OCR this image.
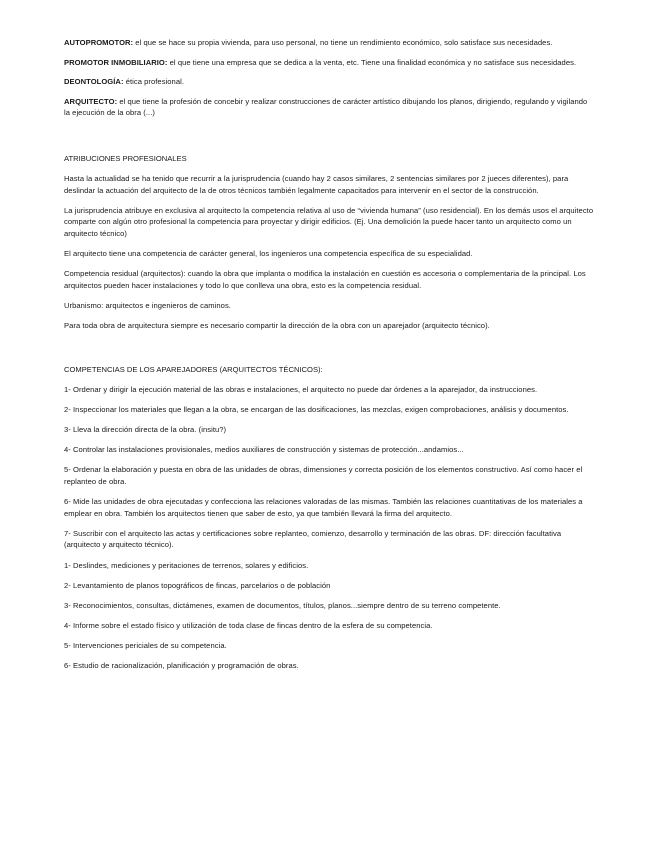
AUTOPROMOTOR: el que se hace su propia vivienda, para uso personal, no tiene un rendimiento económico, solo satisface sus necesidades.

PROMOTOR INMOBILIARIO: el que tiene una empresa que se dedica a la venta, etc. Tiene una finalidad económica y no satisface sus necesidades.

DEONTOLOGÍA: ética profesional.

ARQUITECTO: el que tiene la profesión de concebir y realizar construcciones de carácter artístico dibujando los planos, dirigiendo, regulando y vigilando la ejecución de la obra (...)

ATRIBUCIONES PROFESIONALES

Hasta la actualidad se ha tenido que recurrir a la jurisprudencia (cuando hay 2 casos similares, 2 sentencias similares por 2 jueces diferentes), para deslindar la actuación del arquitecto de la de otros técnicos también legalmente capacitados para intervenir en el sector de la construcción.

La jurisprudencia atribuye en exclusiva al arquitecto la competencia relativa al uso de “vivienda humana” (uso residencial). En los demás usos el arquitecto comparte con algún otro profesional la competencia para proyectar y dirigir edificios. (Ej. Una demolición la puede hacer tanto un arquitecto como un arquitecto técnico)

El arquitecto tiene una competencia de carácter general, los ingenieros una competencia específica de su especialidad.

Competencia residual (arquitectos): cuando la obra que implanta o modifica la instalación en cuestión es accesoria o complementaria de la principal. Los arquitectos pueden hacer instalaciones y todo lo que conlleva una obra, esto es la competencia residual.

Urbanismo: arquitectos e ingenieros de caminos.

Para toda obra de arquitectura siempre es necesario compartir la dirección de la obra con un aparejador (arquitecto técnico).

COMPETENCIAS DE LOS APAREJADORES (ARQUITECTOS TÉCNICOS):

1- Ordenar y dirigir la ejecución material de las obras e instalaciones, el arquitecto no puede dar órdenes a la aparejador, da instrucciones.

2- Inspeccionar los materiales que llegan a la obra, se encargan de las dosificaciones, las mezclas, exigen comprobaciones, análisis y documentos.

3- Lleva la dirección directa de la obra. (insitu?)

4- Controlar las instalaciones provisionales, medios auxiliares de construcción y sistemas de protección...andamios...

5- Ordenar la elaboración y puesta en obra de las unidades de obras, dimensiones y correcta posición de los elementos constructivo. Así como hacer el replanteo de obra.

6- Mide las unidades de obra ejecutadas y confecciona las relaciones valoradas de las mismas. También las relaciones cuantitativas de los materiales a emplear en obra. También los arquitectos tienen que saber de esto, ya que también llevará la firma del arquitecto.

7- Suscribir con el arquitecto las actas y certificaciones sobre replanteo, comienzo, desarrollo y terminación de las obras. DF: dirección facultativa (arquitecto y arquitecto técnico).

1- Deslindes, mediciones y peritaciones de terrenos, solares y edificios.

2- Levantamiento de planos topográficos de fincas, parcelarios o de población

3- Reconocimientos, consultas, dictámenes, examen de documentos, títulos, planos...siempre dentro de su terreno competente.

4- Informe sobre el estado físico y utilización de toda clase de fincas dentro de la esfera de su competencia.

5- Intervenciones periciales de su competencia.

6- Estudio de racionalización, planificación y programación de obras.
